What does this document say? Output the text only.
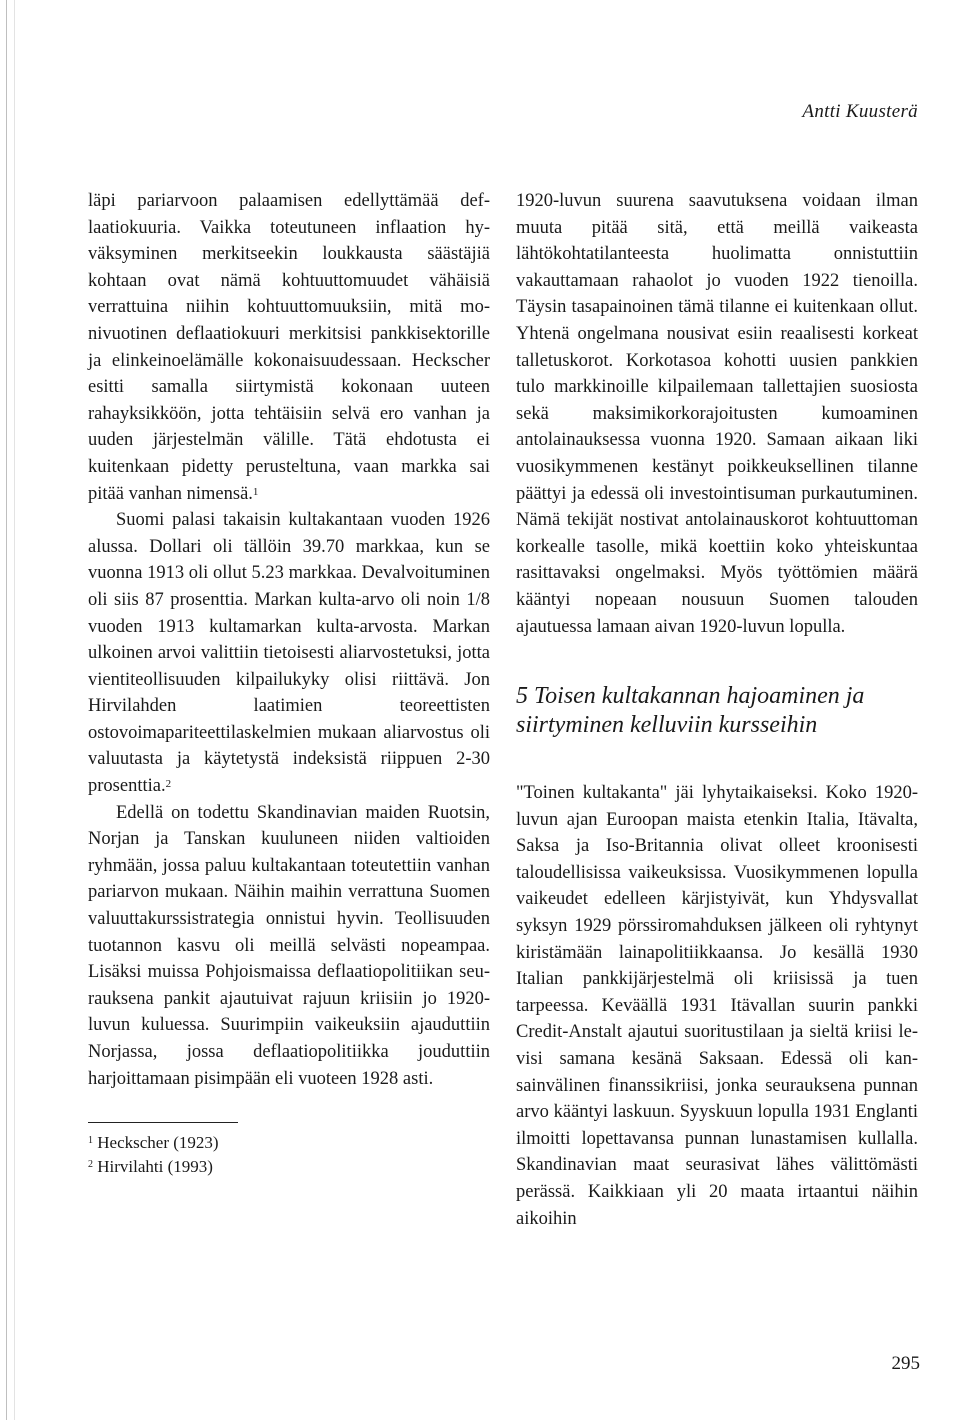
Antti Kuusterä

läpi pariarvoon palaamisen edellyttämää deflaatiokuuria. Vaikka toteutuneen inflaation hyväksyminen merkitseekin loukkausta säästäjiä kohtaan ovat nämä kohtuuttomuudet vähäisiä verrattuina niihin kohtuuttomuuksiin, mitä monivuotinen deflaatiokuuri merkitsisi pankkisektorille ja elinkeinoelämälle kokonaisuudessaan. Heckscher esitti samalla siirtymistä kokonaan uuteen rahayksikköön, jotta tehtäisiin selvä ero vanhan ja uuden järjestelmän välille. Tätä ehdotusta ei kuitenkaan pidetty perusteltuna, vaan markka sai pitää vanhan nimensä.$^1$

Suomi palasi takaisin kultakantaan vuoden 1926 alussa. Dollari oli tällöin 39.70 markkaa, kun se vuonna 1913 oli ollut 5.23 markkaa. Devalvoituminen oli siis 87 prosenttia. Markan kulta-arvo oli noin 1/8 vuoden 1913 kultamarkan kulta-arvosta. Markan ulkoinen arvoi valittiin tietoisesti aliarvostetuksi, jotta vientiteollisuuden kilpailukyky olisi riittävä. Jon Hirvilahden laatimien teoreettisten ostovoimapariteettilaskelmien mukaan aliarvostus oli valuutasta ja käytetystä indeksistä riippuen 2-30 prosenttia.$^2$

Edellä on todettu Skandinavian maiden Ruotsin, Norjan ja Tanskan kuuluneen niiden valtioiden ryhmään, jossa paluu kultakantaan toteutettiin vanhan pariarvon mukaan. Näihin maihin verrattuna Suomen valuuttakurssistrategia onnistui hyvin. Teollisuuden tuotannon kasvu oli meillä selvästi nopeampaa. Lisäksi muissa Pohjoismaissa deflaatiopolitiikan seurauksena pankit ajautuivat rajuun kriisiin jo 1920-luvun kuluessa. Suurimpiin vaikeuksiin ajauduttiin Norjassa, jossa deflaatiopolitiikka jouduttiin harjoittamaan pisimpään eli vuoteen 1928 asti.

$^1$ Heckscher (1923)

$^2$ Hirvilahti (1993)

1920-luvun suurena saavutuksena voidaan ilman muuta pitää sitä, että meillä vaikeasta lähtökohtatilanteesta huolimatta onnistuttiin vakauttamaan rahaolot jo vuoden 1922 tienoilla. Täysin tasapainoinen tämä tilanne ei kuitenkaan ollut. Yhtenä ongelmana nousivat esiin reaalisesti korkeat talletuskorot. Korkotasoa kohotti uusien pankkien tulo markkinoille kilpailemaan tallettajien suosiosta sekä maksimikorkorajoitusten kumoaminen antolainauksessa vuonna 1920. Samaan aikaan liki vuosikymmenen kestänyt poikkeuksellinen tilanne päättyi ja edessä oli investointisuman purkautuminen. Nämä tekijät nostivat antolainauskorot kohtuuttoman korkealle tasolle, mikä koettiin koko yhteiskuntaa rasittavaksi ongelmaksi. Myös työttömien määrä kääntyi nopeaan nousuun Suomen talouden ajautuessa lamaan aivan 1920-luvun lopulla.

5 Toisen kultakannan hajoaminen ja siirtyminen kelluviin kursseihin

"Toinen kultakanta" jäi lyhytaikaiseksi. Koko 1920-luvun ajan Euroopan maista etenkin Italia, Itävalta, Saksa ja Iso-Britannia olivat olleet kroonisesti taloudellisissa vaikeuksissa. Vuosikymmenen lopulla vaikeudet edelleen kärjistyivät, kun Yhdysvallat syksyn 1929 pörssiromahduksen jälkeen oli ryhtynyt kiristämään lainapolitiikkaansa. Jo kesällä 1930 Italian pankkijärjestelmä oli kriisissä ja tuen tarpeessa. Keväällä 1931 Itävallan suurin pankki Credit-Anstalt ajautui suoritustilaan ja sieltä kriisi levisi samana kesänä Saksaan. Edessä oli kansainvälinen finanssikriisi, jonka seurauksena punnan arvo kääntyi laskuun. Syyskuun lopulla 1931 Englanti ilmoitti lopettavansa punnan lunastamisen kullalla. Skandinavian maat seurasivat lähes välittömästi perässä. Kaikkiaan yli 20 maata irtaantui näihin aikoihin

295
